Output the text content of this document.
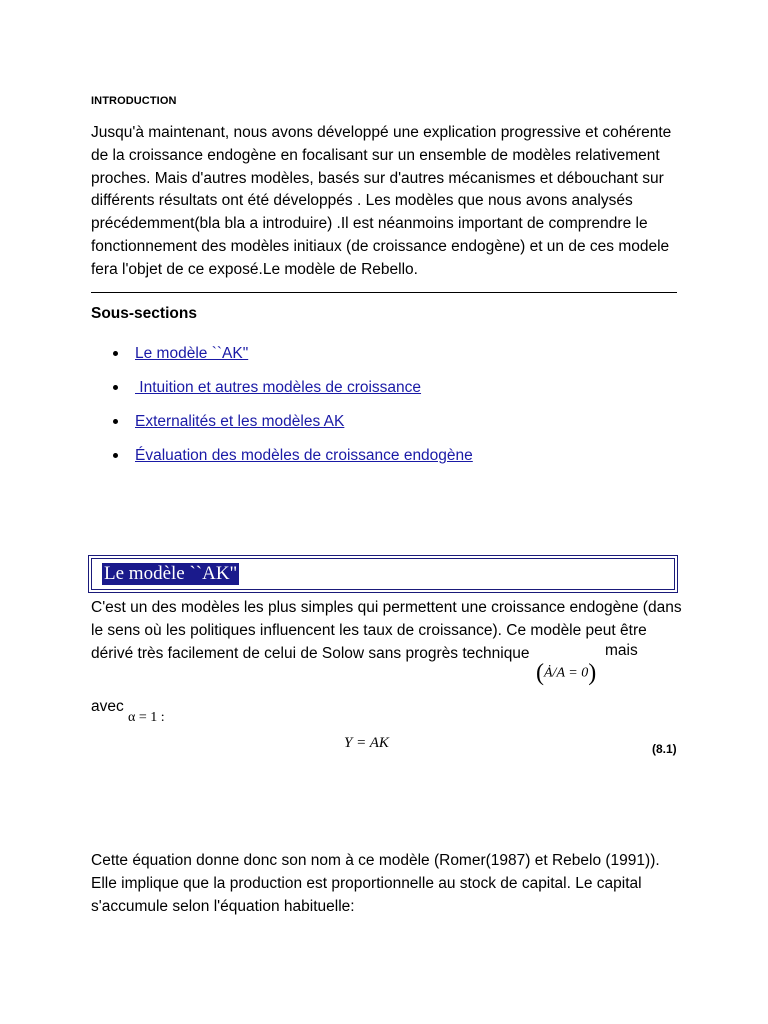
INTRODUCTION
Jusqu'à maintenant, nous avons développé une explication progressive et cohérente
de la croissance endogène en focalisant sur un ensemble de modèles relativement
proches. Mais d'autres modèles, basés sur d'autres mécanismes et débouchant sur
différents résultats ont été développés . Les modèles que nous avons analysés
précédemment(bla bla a introduire) .Il est néanmoins important de comprendre le
fonctionnement des modèles initiaux (de croissance endogène) et un de ces modele
fera l'objet de ce exposé.Le modèle de Rebello.
Sous-sections
Le modèle ``AK"
Intuition et autres modèles de croissance
Externalités et les modèles AK
Évaluation des modèles de croissance endogène
Le modèle ``AK"
C'est un des modèles les plus simples qui permettent une croissance endogène (dans
le sens où les politiques influencent les taux de croissance). Ce modèle peut être
dérivé très facilement de celui de Solow sans progrès technique
(Ȧ/A = 0)
mais
avec
α = 1 :
Y = AK	(8.1)
Cette équation donne donc son nom à ce modèle (Romer(1987) et Rebelo (1991)).
Elle implique que la production est proportionnelle au stock de capital. Le capital
s'accumule selon l'équation habituelle:
